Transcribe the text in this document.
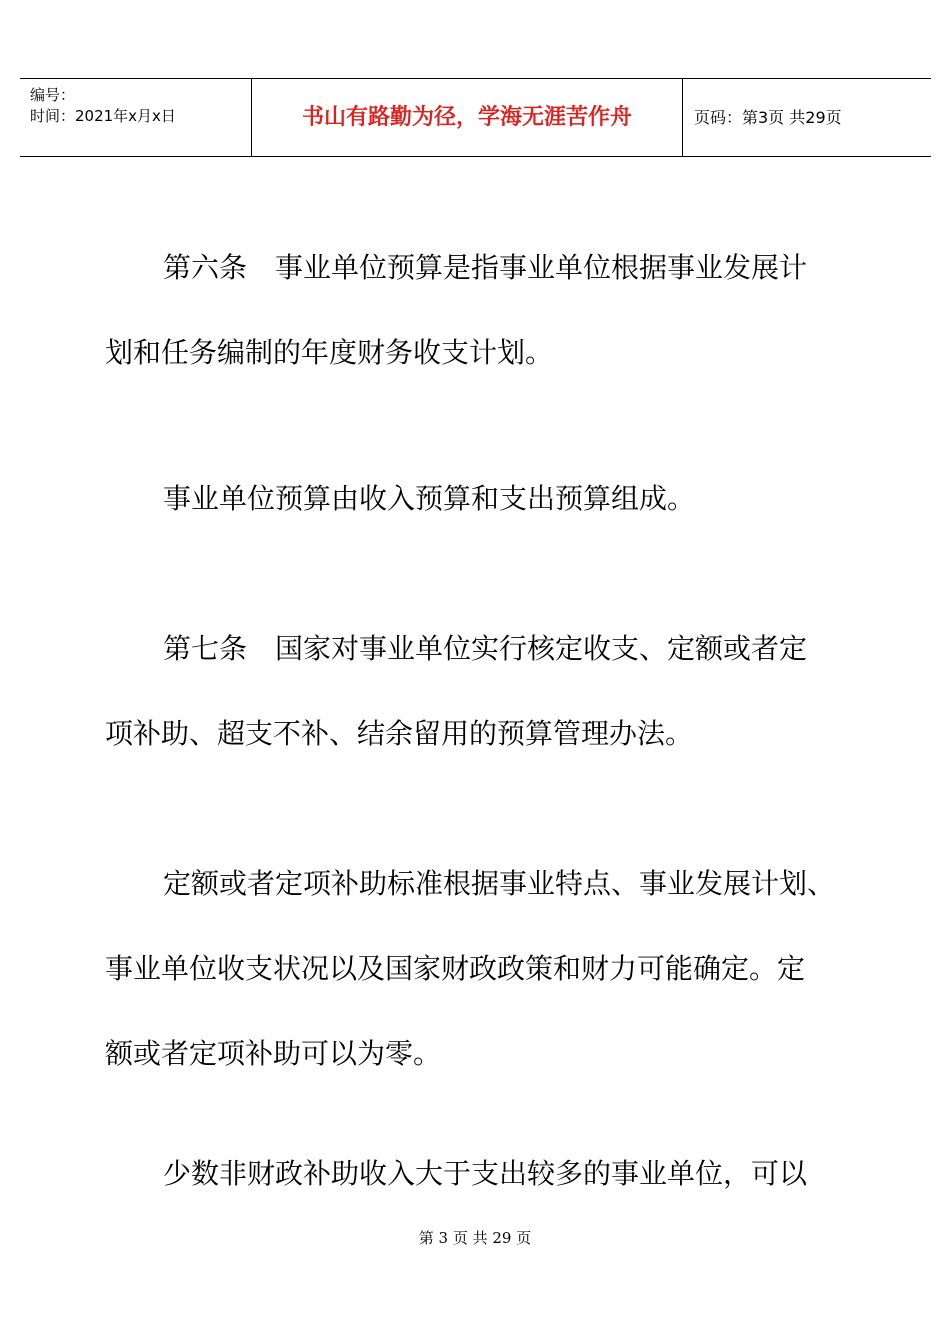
编号：
时间：2021年x月x日	书山有路勤为径，学海无涯苦作舟	页码：第3页 共29页
第六条　事业单位预算是指事业单位根据事业发展计
划和任务编制的年度财务收支计划。
事业单位预算由收入预算和支出预算组成。
第七条　国家对事业单位实行核定收支、定额或者定
项补助、超支不补、结余留用的预算管理办法。
定额或者定项补助标准根据事业特点、事业发展计划、
事业单位收支状况以及国家财政政策和财力可能确定。定
额或者定项补助可以为零。
少数非财政补助收入大于支出较多的事业单位，可以
第 3 页 共 29 页
